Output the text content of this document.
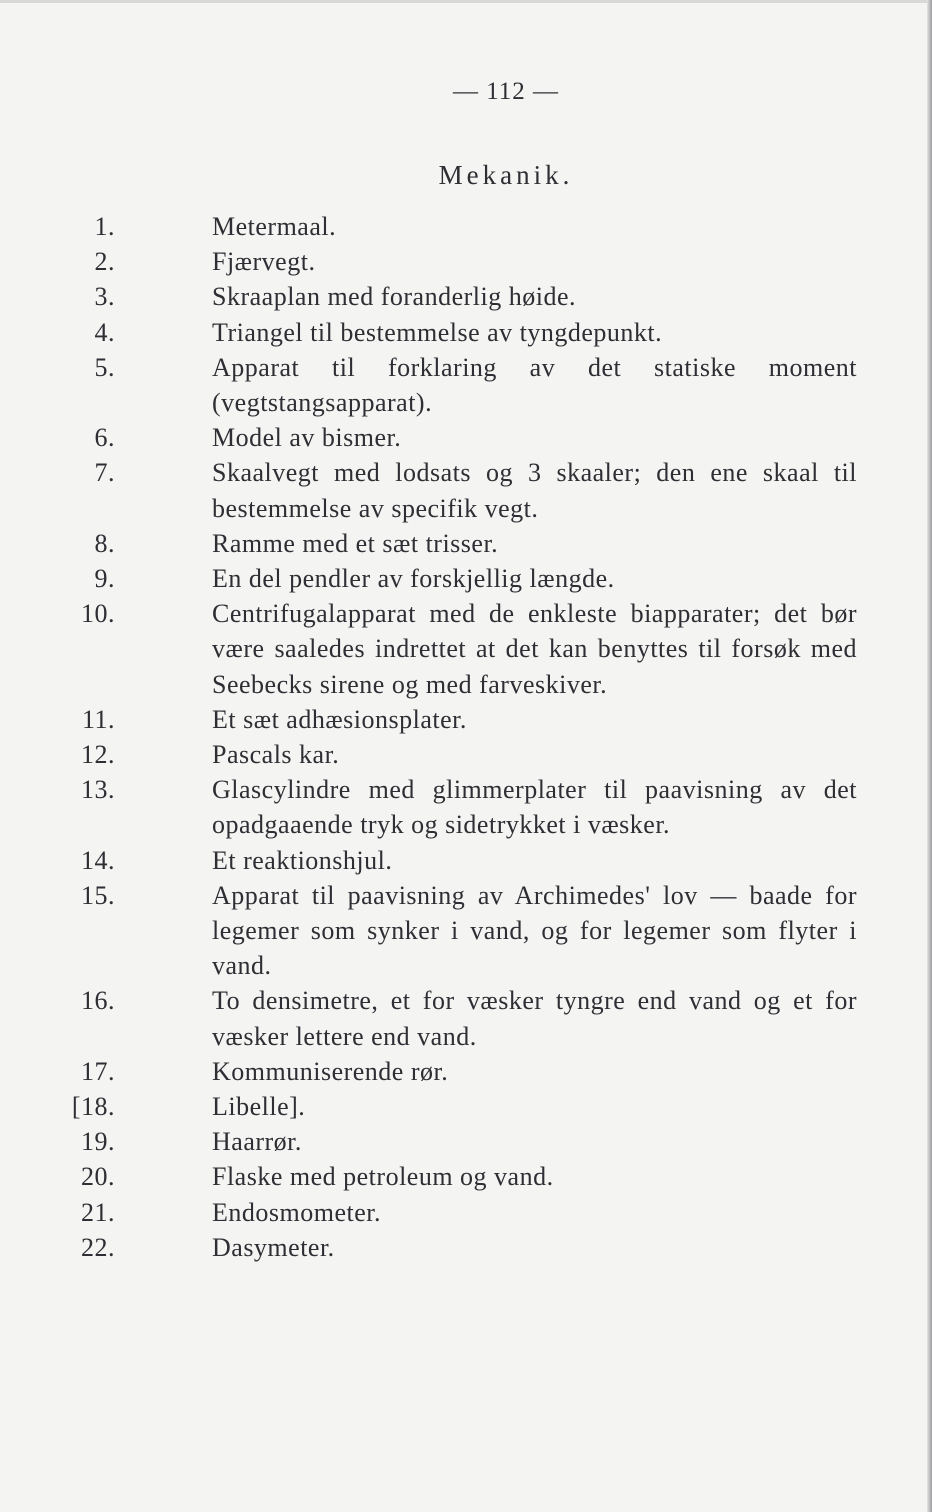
— 112 —
Mekanik.
1.	Metermaal.
2.	Fjærvegt.
3.	Skraaplan med foranderlig høide.
4.	Triangel til bestemmelse av tyngdepunkt.
5.	Apparat til forklaring av det statiske moment (vegtstangsapparat).
6.	Model av bismer.
7.	Skaalvegt med lodsats og 3 skaaler; den ene skaal til bestemmelse av specifik vegt.
8.	Ramme med et sæt trisser.
9.	En del pendler av forskjellig længde.
10.	Centrifugalapparat med de enkleste biapparater; det bør være saaledes indrettet at det kan benyttes til forsøk med Seebecks sirene og med farveskiver.
11.	Et sæt adhæsionsplater.
12.	Pascals kar.
13.	Glascylindre med glimmerplater til paavisning av det opadgaaende tryk og sidetrykket i væsker.
14.	Et reaktionshjul.
15.	Apparat til paavisning av Archimedes' lov — baade for legemer som synker i vand, og for legemer som flyter i vand.
16.	To densimetre, et for væsker tyngre end vand og et for væsker lettere end vand.
17.	Kommuniserende rør.
[18.	Libelle].
19.	Haarrør.
20.	Flaske med petroleum og vand.
21.	Endosmometer.
22.	Dasymeter.
